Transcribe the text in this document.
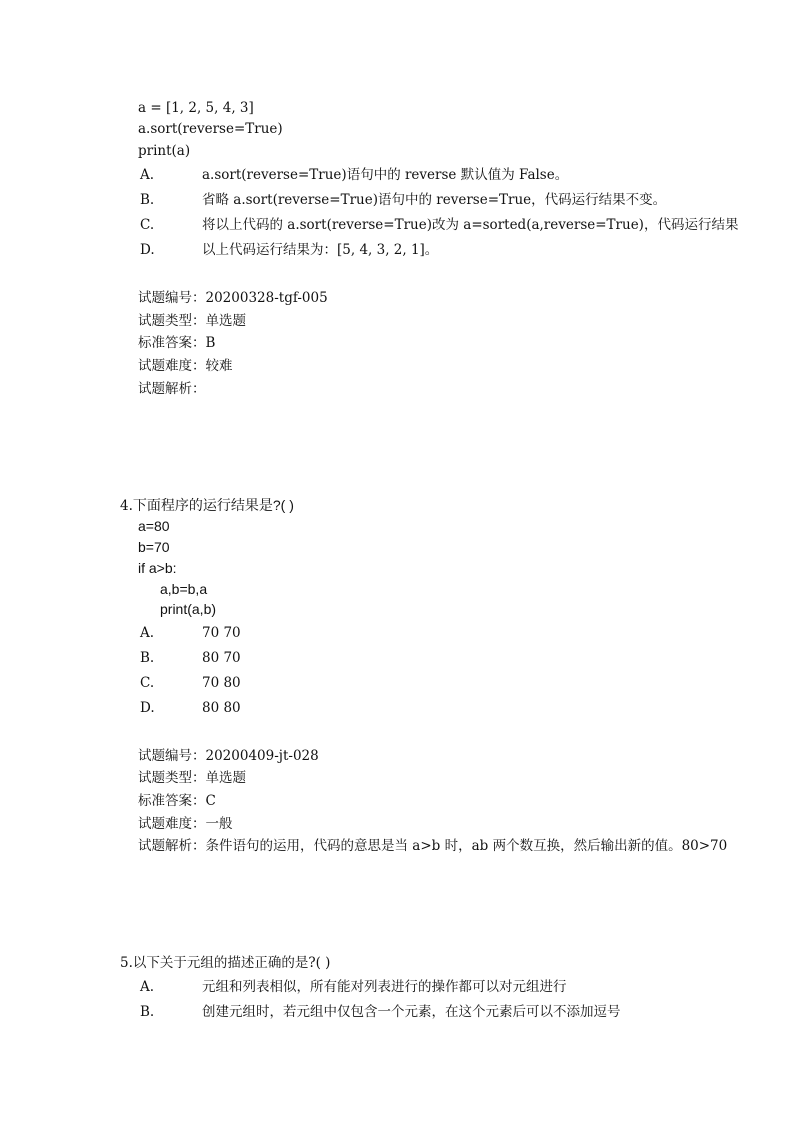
a = [1, 2, 5, 4, 3]
a.sort(reverse=True)
print(a)
A.	a.sort(reverse=True)语句中的 reverse 默认值为 False。
B.	省略 a.sort(reverse=True)语句中的 reverse=True，代码运行结果不变。
C.	将以上代码的 a.sort(reverse=True)改为 a=sorted(a,reverse=True)，代码运行结果
D.	以上代码运行结果为：[5, 4, 3, 2, 1]。
试题编号：20200328-tgf-005
试题类型：单选题
标准答案：B
试题难度：较难
试题解析：
4.下面程序的运行结果是?( )
a=80
b=70
if a>b:
a,b=b,a
print(a,b)
A.	70 70
B.	80 70
C.	70 80
D.	80 80
试题编号：20200409-jt-028
试题类型：单选题
标准答案：C
试题难度：一般
试题解析：条件语句的运用，代码的意思是当 a>b 时，ab 两个数互换，然后输出新的值。80>70
5.以下关于元组的描述正确的是?( )
A.	元组和列表相似，所有能对列表进行的操作都可以对元组进行
B.	创建元组时，若元组中仅包含一个元素，在这个元素后可以不添加逗号
